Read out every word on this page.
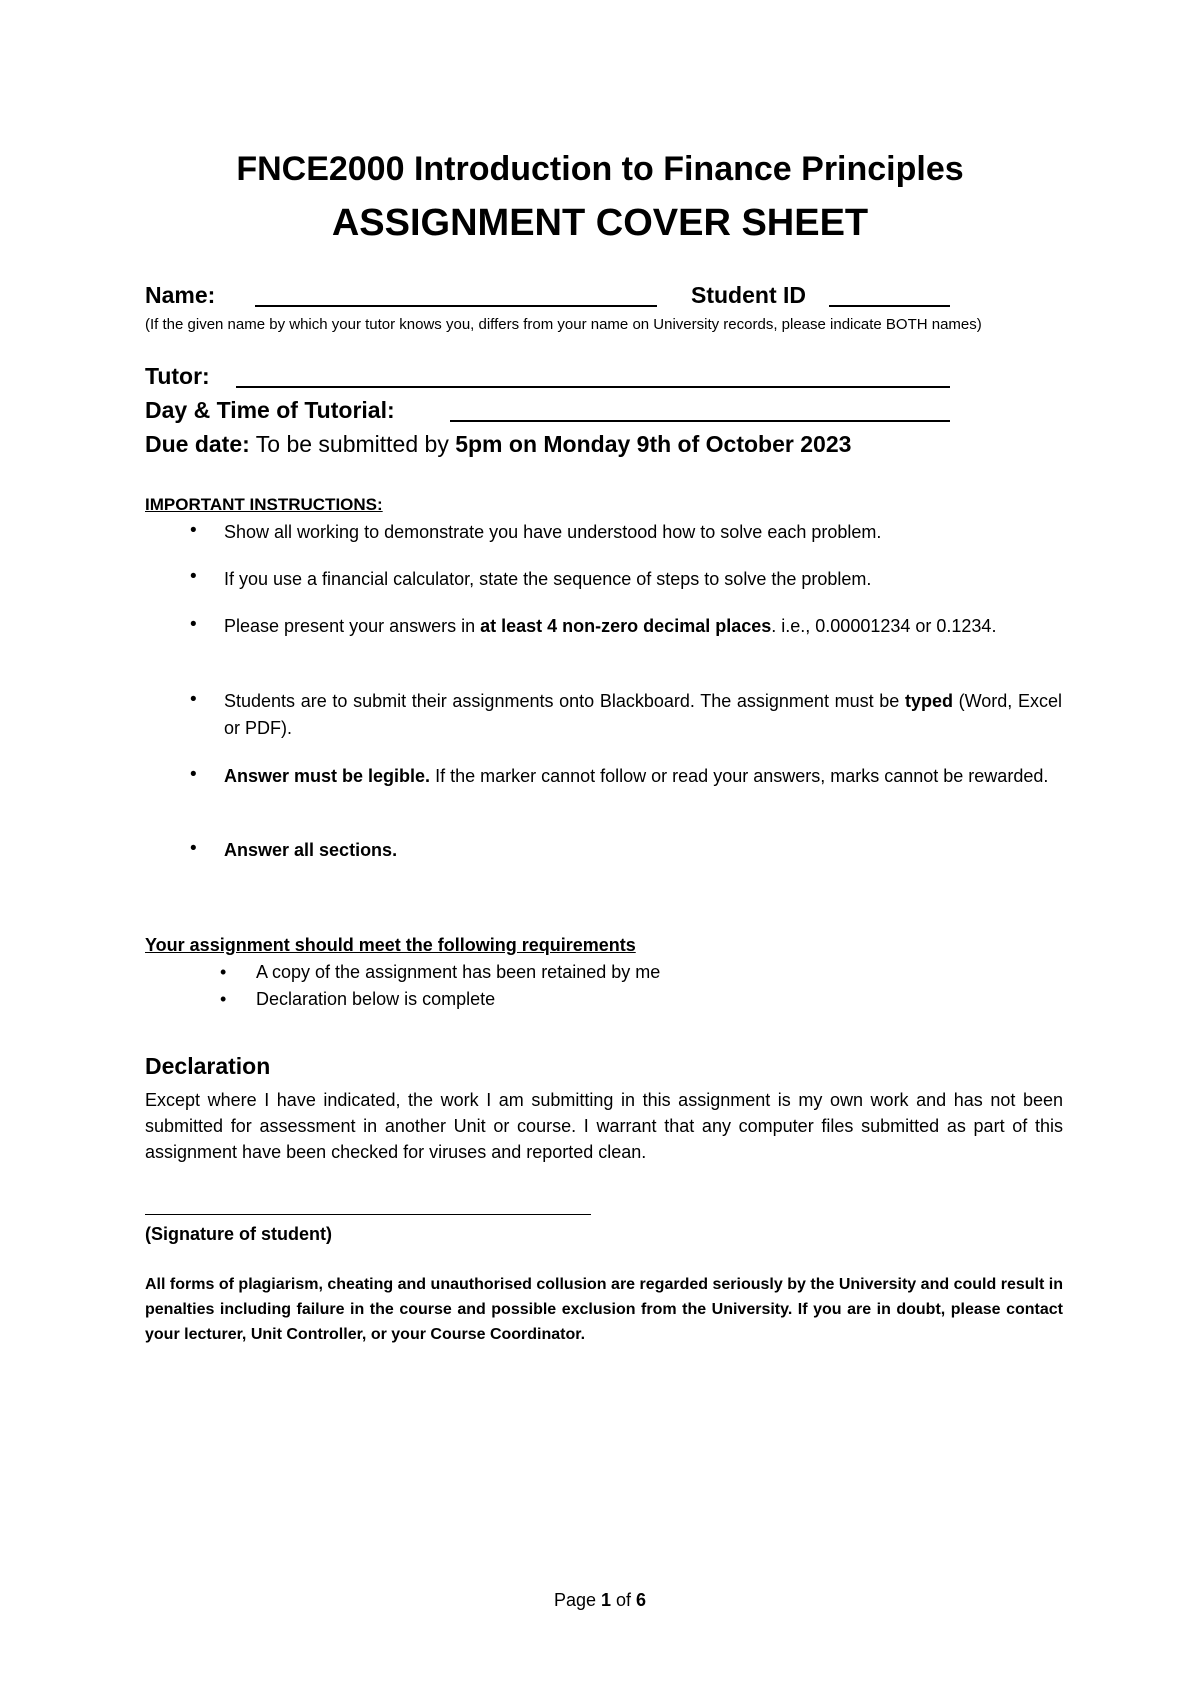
FNCE2000 Introduction to Finance Principles
ASSIGNMENT COVER SHEET
Name:	Student ID
(If the given name by which your tutor knows you, differs from your name on University records, please indicate BOTH names)
Tutor:
Day & Time of Tutorial:
Due date: To be submitted by 5pm on Monday 9th of October 2023
IMPORTANT INSTRUCTIONS:
• Show all working to demonstrate you have understood how to solve each problem.
• If you use a financial calculator, state the sequence of steps to solve the problem.
• Please present your answers in at least 4 non-zero decimal places. i.e., 0.00001234 or 0.1234.
• Students are to submit their assignments onto Blackboard. The assignment must be typed (Word, Excel or PDF).
• Answer must be legible. If the marker cannot follow or read your answers, marks cannot be rewarded.
• Answer all sections.
Your assignment should meet the following requirements
• A copy of the assignment has been retained by me
• Declaration below is complete
Declaration
Except where I have indicated, the work I am submitting in this assignment is my own work and has not been submitted for assessment in another Unit or course. I warrant that any computer files submitted as part of this assignment have been checked for viruses and reported clean.
(Signature of student)
All forms of plagiarism, cheating and unauthorised collusion are regarded seriously by the University and could result in penalties including failure in the course and possible exclusion from the University. If you are in doubt, please contact your lecturer, Unit Controller, or your Course Coordinator.
Page 1 of 6
